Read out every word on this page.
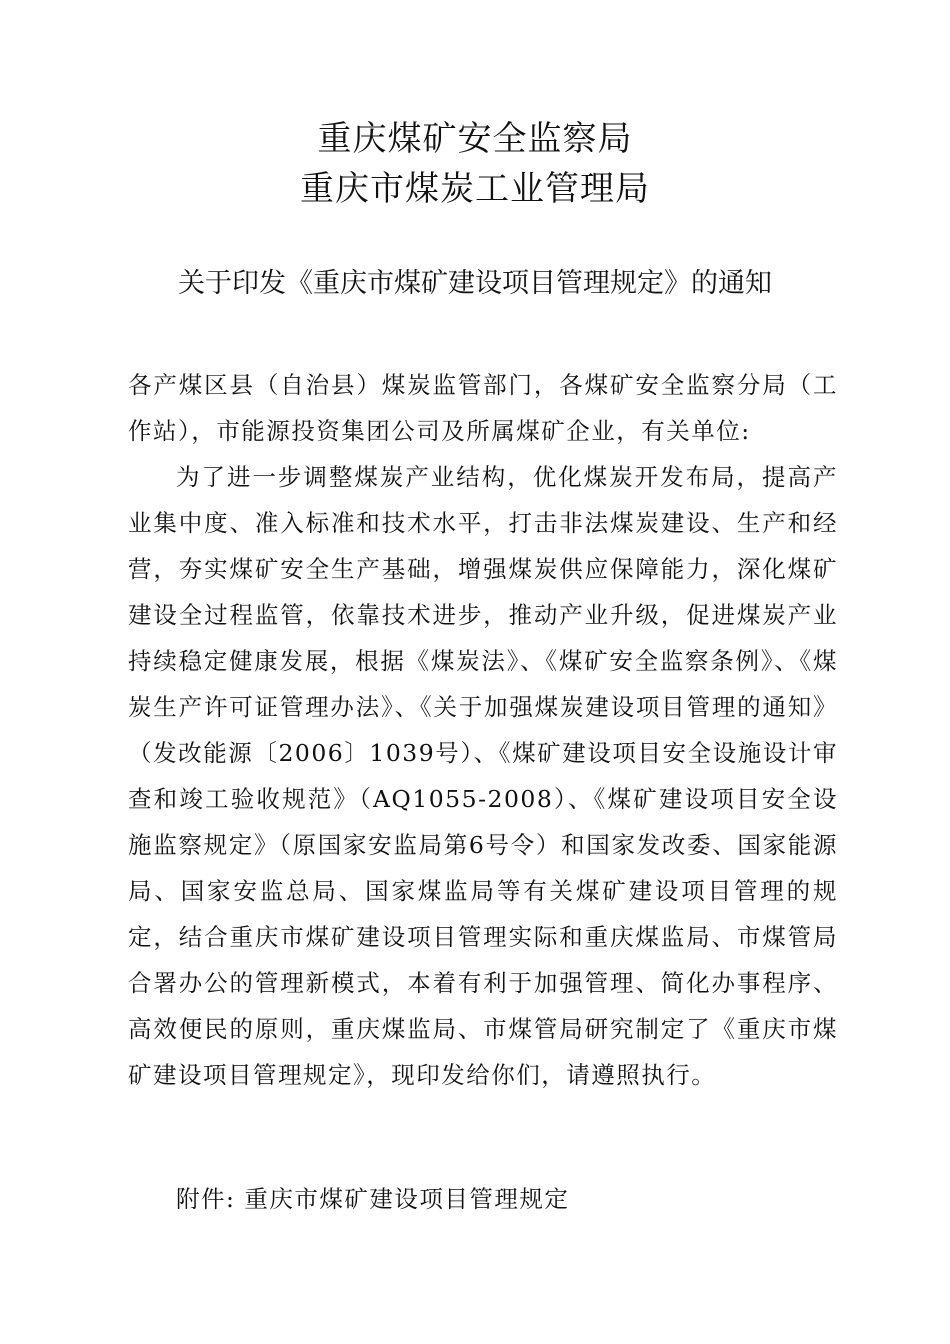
重庆煤矿安全监察局
重庆市煤炭工业管理局
关于印发《重庆市煤矿建设项目管理规定》的通知

各产煤区县（自治县）煤炭监管部门，各煤矿安全监察分局（工作站），市能源投资集团公司及所属煤矿企业，有关单位:

为了进一步调整煤炭产业结构，优化煤炭开发布局，提高产业集中度、准入标准和技术水平，打击非法煤炭建设、生产和经营，夯实煤矿安全生产基础，增强煤炭供应保障能力，深化煤矿建设全过程监管，依靠技术进步，推动产业升级，促进煤炭产业持续稳定健康发展，根据《煤炭法》、《煤矿安全监察条例》、《煤炭生产许可证管理办法》、《关于加强煤炭建设项目管理的通知》（发改能源〔2006〕1039号）、《煤矿建设项目安全设施设计审查和竣工验收规范》（AQ1055-2008）、《煤矿建设项目安全设施监察规定》（原国家安监局第6号令）和国家发改委、国家能源局、国家安监总局、国家煤监局等有关煤矿建设项目管理的规定，结合重庆市煤矿建设项目管理实际和重庆煤监局、市煤管局合署办公的管理新模式，本着有利于加强管理、简化办事程序、高效便民的原则，重庆煤监局、市煤管局研究制定了《重庆市煤矿建设项目管理规定》，现印发给你们，请遵照执行。

附件: 重庆市煤矿建设项目管理规定
